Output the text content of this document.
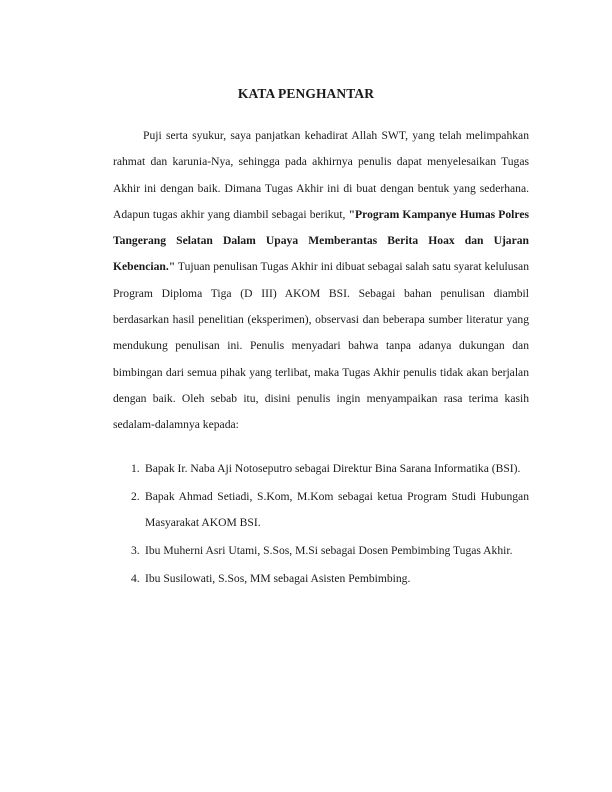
KATA PENGHANTAR

Puji serta syukur, saya panjatkan kehadirat Allah SWT, yang telah melimpahkan rahmat dan karunia-Nya, sehingga pada akhirnya penulis dapat menyelesaikan Tugas Akhir ini dengan baik. Dimana Tugas Akhir ini di buat dengan bentuk yang sederhana. Adapun tugas akhir yang diambil sebagai berikut, "Program Kampanye Humas Polres Tangerang Selatan Dalam Upaya Memberantas Berita Hoax dan Ujaran Kebencian." Tujuan penulisan Tugas Akhir ini dibuat sebagai salah satu syarat kelulusan Program Diploma Tiga (D III) AKOM BSI. Sebagai bahan penulisan diambil berdasarkan hasil penelitian (eksperimen), observasi dan beberapa sumber literatur yang mendukung penulisan ini. Penulis menyadari bahwa tanpa adanya dukungan dan bimbingan dari semua pihak yang terlibat, maka Tugas Akhir penulis tidak akan berjalan dengan baik. Oleh sebab itu, disini penulis ingin menyampaikan rasa terima kasih sedalam-dalamnya kepada:

1. Bapak Ir. Naba Aji Notoseputro sebagai Direktur Bina Sarana Informatika (BSI).
2. Bapak Ahmad Setiadi, S.Kom, M.Kom sebagai ketua Program Studi Hubungan Masyarakat AKOM BSI.
3. Ibu Muherni Asri Utami, S.Sos, M.Si sebagai Dosen Pembimbing Tugas Akhir.
4. Ibu Susilowati, S.Sos, MM sebagai Asisten Pembimbing.
